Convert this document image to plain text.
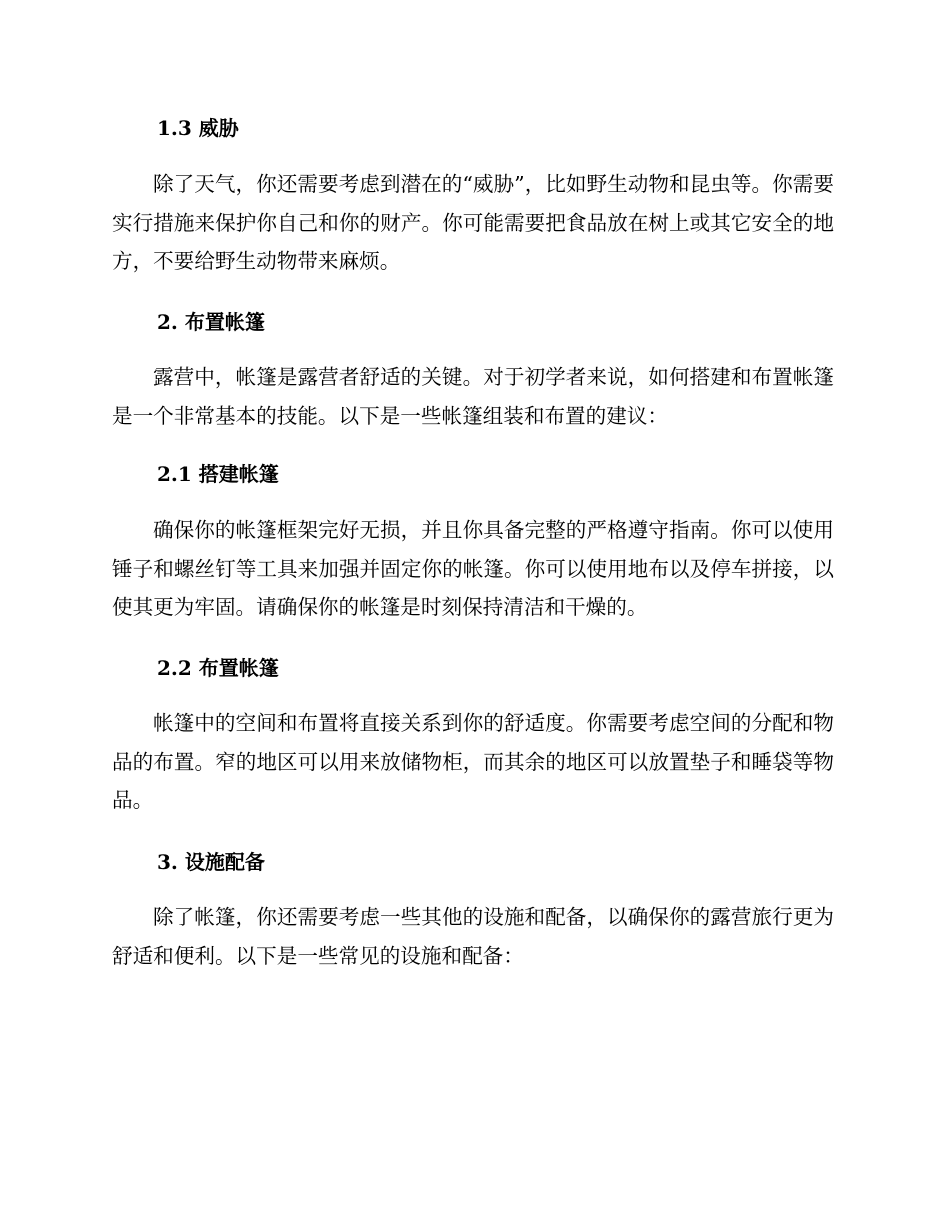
1.3 威胁
除了天气，你还需要考虑到潜在的“威胁”，比如野生动物和昆虫等。你需要实行措施来保护你自己和你的财产。你可能需要把食品放在树上或其它安全的地方，不要给野生动物带来麻烦。
2. 布置帐篷
露营中，帐篷是露营者舒适的关键。对于初学者来说，如何搭建和布置帐篷是一个非常基本的技能。以下是一些帐篷组装和布置的建议：
2.1 搭建帐篷
确保你的帐篷框架完好无损，并且你具备完整的严格遵守指南。你可以使用锤子和螺丝钉等工具来加强并固定你的帐篷。你可以使用地布以及停车拼接，以使其更为牢固。请确保你的帐篷是时刻保持清洁和干燥的。
2.2 布置帐篷
帐篷中的空间和布置将直接关系到你的舒适度。你需要考虑空间的分配和物品的布置。窄的地区可以用来放储物柜，而其余的地区可以放置垫子和睡袋等物品。
3. 设施配备
除了帐篷，你还需要考虑一些其他的设施和配备，以确保你的露营旅行更为舒适和便利。以下是一些常见的设施和配备：
